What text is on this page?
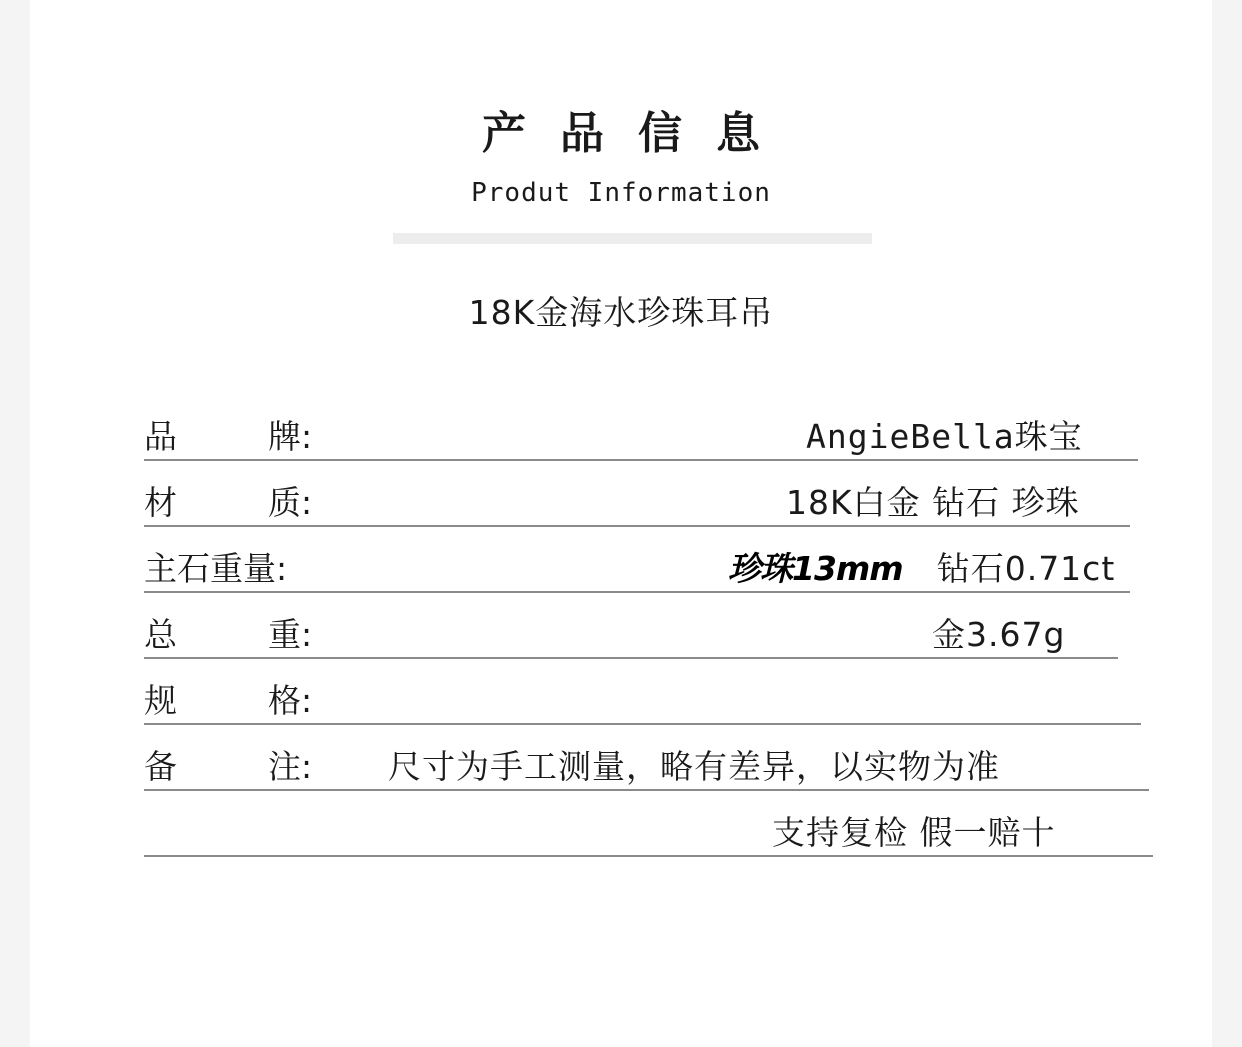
产品信息
Produt Information
18K金海水珍珠耳吊
品	牌:	AngieBella珠宝
材	质:	18K白金 钻石 珍珠
主石重量:	珍珠13mm 钻石0.71ct
总	重:	金3.67g
规	格:
备	注: 尺寸为手工测量，略有差异，以实物为准
支持复检 假一赔十
